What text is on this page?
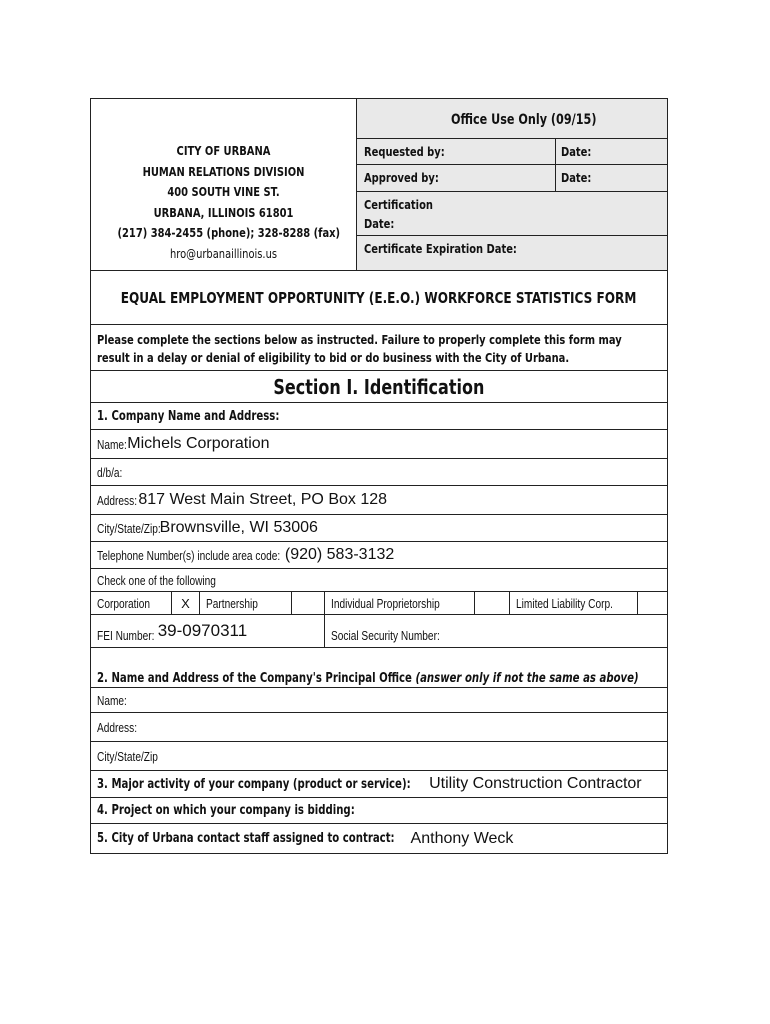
CITY OF URBANA
HUMAN RELATIONS DIVISION
400 SOUTH VINE ST.
URBANA, ILLINOIS 61801
(217) 384-2455 (phone); 328-8288 (fax)
hro@urbanaillinois.us
Office Use Only (09/15)
Requested by:	Date:
Approved by:	Date:
Certification
Date:
Certificate Expiration Date:
EQUAL EMPLOYMENT OPPORTUNITY (E.E.O.) WORKFORCE STATISTICS FORM
Please complete the sections below as instructed. Failure to properly complete this form may
result in a delay or denial of eligibility to bid or do business with the City of Urbana.
Section I. Identification
1. Company Name and Address:
Name: Michels Corporation
d/b/a:
Address: 817 West Main Street, PO Box 128
City/State/Zip:
Brownsville, WI 53006
Telephone Number(s) include area code: (920) 583-3132
Check one of the following
Corporation X Partnership	Individual Proprietorship	Limited Liability Corp.
FEI Number: 39-0970311	Social Security Number:
2. Name and Address of the Company's Principal Office (answer only if not the same as above)
Name:
Address:
City/State/Zip
3. Major activity of your company (product or service): Utility Construction Contractor
4. Project on which your company is bidding:
5. City of Urbana contact staff assigned to contract: Anthony Weck
